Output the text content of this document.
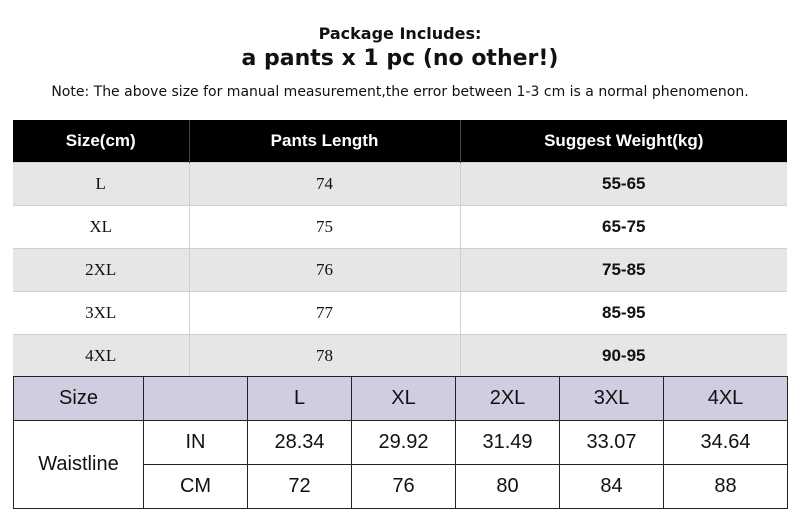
Package Includes:
a pants x 1 pc (no other!)
Note: The above size for manual measurement,the error between 1-3 cm is a normal phenomenon.
Size(cm)	Pants Length	Suggest Weight(kg)
L	74	55-65
XL	75	65-75
2XL	76	75-85
3XL	77	85-95
4XL	78	90-95
Size		L	XL	2XL	3XL	4XL
Waistline	IN	28.34	29.92	31.49	33.07	34.64
	CM	72	76	80	84	88
